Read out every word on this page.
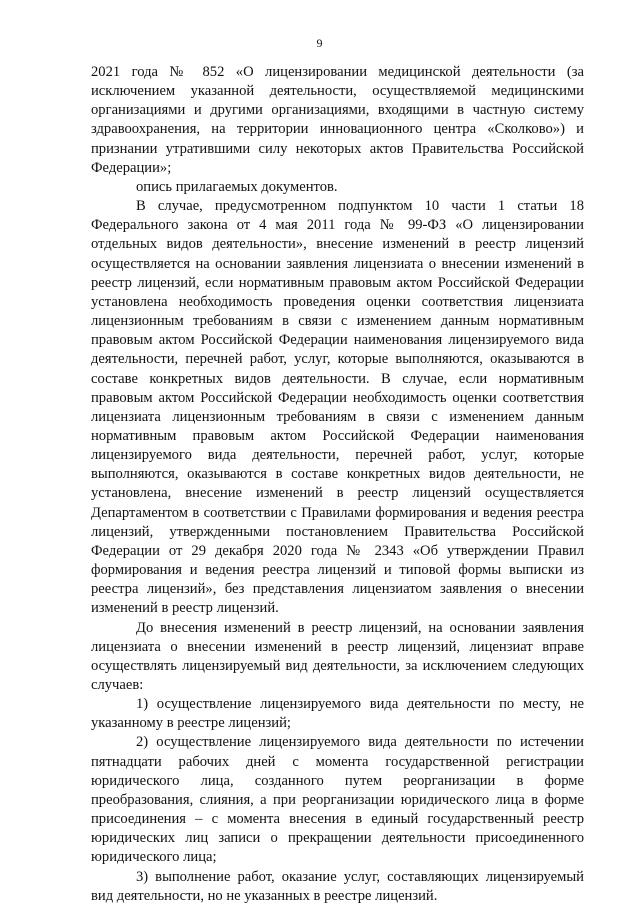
9

2021 года № 852 «О лицензировании медицинской деятельности (за исключением указанной деятельности, осуществляемой медицинскими организациями и другими организациями, входящими в частную систему здравоохранения, на территории инновационного центра «Сколково») и признании утратившими силу некоторых актов Правительства Российской Федерации»;

опись прилагаемых документов.

В случае, предусмотренном подпунктом 10 части 1 статьи 18 Федерального закона от 4 мая 2011 года № 99-ФЗ «О лицензировании отдельных видов деятельности», внесение изменений в реестр лицензий осуществляется на основании заявления лицензиата о внесении изменений в реестр лицензий, если нормативным правовым актом Российской Федерации установлена необходимость проведения оценки соответствия лицензиата лицензионным требованиям в связи с изменением данным нормативным правовым актом Российской Федерации наименования лицензируемого вида деятельности, перечней работ, услуг, которые выполняются, оказываются в составе конкретных видов деятельности. В случае, если нормативным правовым актом Российской Федерации необходимость оценки соответствия лицензиата лицензионным требованиям в связи с изменением данным нормативным правовым актом Российской Федерации наименования лицензируемого вида деятельности, перечней работ, услуг, которые выполняются, оказываются в составе конкретных видов деятельности, не установлена, внесение изменений в реестр лицензий осуществляется Департаментом в соответствии с Правилами формирования и ведения реестра лицензий, утвержденными постановлением Правительства Российской Федерации от 29 декабря 2020 года № 2343 «Об утверждении Правил формирования и ведения реестра лицензий и типовой формы выписки из реестра лицензий», без представления лицензиатом заявления о внесении изменений в реестр лицензий.

До внесения изменений в реестр лицензий, на основании заявления лицензиата о внесении изменений в реестр лицензий, лицензиат вправе осуществлять лицензируемый вид деятельности, за исключением следующих случаев:

1) осуществление лицензируемого вида деятельности по месту, не указанному в реестре лицензий;

2) осуществление лицензируемого вида деятельности по истечении пятнадцати рабочих дней с момента государственной регистрации юридического лица, созданного путем реорганизации в форме преобразования, слияния, а при реорганизации юридического лица в форме присоединения – с момента внесения в единый государственный реестр юридических лиц записи о прекращении деятельности присоединенного юридического лица;

3) выполнение работ, оказание услуг, составляющих лицензируемый вид деятельности, но не указанных в реестре лицензий.
